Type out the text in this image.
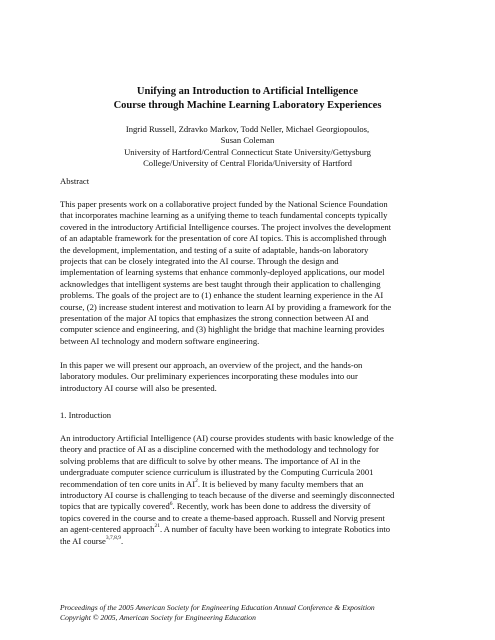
Unifying an Introduction to Artificial Intelligence
Course through Machine Learning Laboratory Experiences
Ingrid Russell, Zdravko Markov, Todd Neller, Michael Georgiopoulos,
Susan Coleman
University of Hartford/Central Connecticut State University/Gettysburg
College/University of Central Florida/University of Hartford
Abstract
This paper presents work on a collaborative project funded by the National Science Foundation
that incorporates machine learning as a unifying theme to teach fundamental concepts typically
covered in the introductory Artificial Intelligence courses. The project involves the development
of an adaptable framework for the presentation of core AI topics. This is accomplished through
the development, implementation, and testing of a suite of adaptable, hands-on laboratory
projects that can be closely integrated into the AI course. Through the design and
implementation of learning systems that enhance commonly-deployed applications, our model
acknowledges that intelligent systems are best taught through their application to challenging
problems. The goals of the project are to (1) enhance the student learning experience in the AI
course, (2) increase student interest and motivation to learn AI by providing a framework for the
presentation of the major AI topics that emphasizes the strong connection between AI and
computer science and engineering, and (3) highlight the bridge that machine learning provides
between AI technology and modern software engineering.
In this paper we will present our approach, an overview of the project, and the hands-on
laboratory modules. Our preliminary experiences incorporating these modules into our
introductory AI course will also be presented.
1. Introduction
An introductory Artificial Intelligence (AI) course provides students with basic knowledge of the
theory and practice of AI as a discipline concerned with the methodology and technology for
solving problems that are difficult to solve by other means. The importance of AI in the
undergraduate computer science curriculum is illustrated by the Computing Curricula 2001
recommendation of ten core units in $AI^2$. It is believed by many faculty members that an
introductory AI course is challenging to teach because of the diverse and seemingly disconnected
topics that are typically covered$^6$. Recently, work has been done to address the diversity of
topics covered in the course and to create a theme-based approach. Russell and Norvig present
an agent-centered approach$^{21}$. A number of faculty have been working to integrate Robotics into
the AI course$^{3,7,8,9}$.
Proceedings of the 2005 American Society for Engineering Education Annual Conference & Exposition
Copyright © 2005, American Society for Engineering Education
